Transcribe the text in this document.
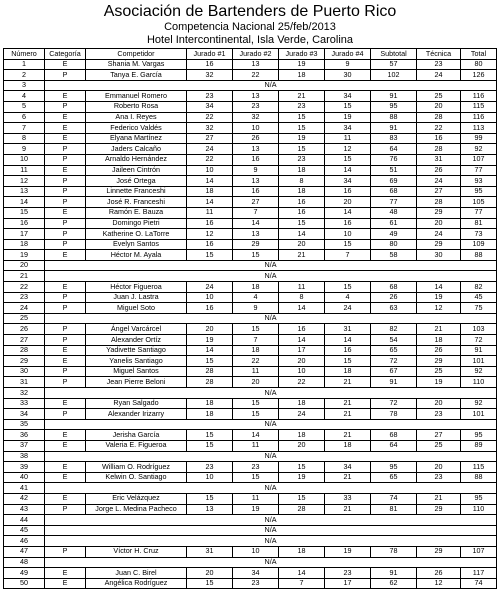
Asociación de Bartenders de Puerto Rico
Competencia Nacional 25/feb/2013
Hotel Intercontinental, Isla Verde, Carolina
Número	Categoría	Competidor	Jurado #1	Jurado #2	Jurado #3	Jurado #4	Subtotal	Técnica	Total
1	E	Shania M. Vargas	16	13	19	9	57	23	80
2	P	Tanya E. García	32	22	18	30	102	24	126
3	N/A								
4	E	Emmanuel Romero	23	13	21	34	91	25	116
5	P	Roberto Rosa	34	23	23	15	95	20	115
6	E	Ana I. Reyes	22	32	15	19	88	28	116
7	E	Federico Valdés	32	10	15	34	91	22	113
8	E	Elyana Martínez	27	26	19	11	83	16	99
9	P	Jaders Calcaño	24	13	15	12	64	28	92
10	P	Arnaldo Hernández	22	16	23	15	76	31	107
11	E	Jaileen Cintrón	10	9	18	14	51	26	77
12	P	José Ortega	14	13	8	34	69	24	93
13	P	Linnette Franceshi	18	16	18	16	68	27	95
14	P	José R. Franceshi	14	27	16	20	77	28	105
15	E	Ramón E. Bauza	11	7	16	14	48	29	77
16	P	Domingo Pietri	16	14	15	16	61	20	81
17	P	Katherine O. LaTorre	12	13	14	10	49	24	73
18	P	Evelyn Santos	16	29	20	15	80	29	109
19	E	Héctor M. Ayala	15	15	21	7	58	30	88
20	N/A								
21	N/A								
22	E	Héctor Figueroa	24	18	11	15	68	14	82
23	P	Juan J. Lastra	10	4	8	4	26	19	45
24	P	Miguel Soto	16	9	14	24	63	12	75
25	N/A								
26	P	Ángel Varcárcel	20	15	16	31	82	21	103
27	P	Alexander Ortíz	19	7	14	14	54	18	72
28	E	Yadivette Santiago	14	18	17	16	65	26	91
29	E	Yanelis Santiago	15	22	20	15	72	29	101
30	P	Miguel Santos	28	11	10	18	67	25	92
31	P	Jean Pierre Beloni	28	20	22	21	91	19	110
32	N/A								
33	E	Ryan Salgado	18	15	18	21	72	20	92
34	P	Alexander Irizarry	18	15	24	21	78	23	101
35	N/A								
36	E	Jerisha García	15	14	18	21	68	27	95
37	E	Valeria E. Figueroa	15	11	20	18	64	25	89
38	N/A								
39	E	William O. Rodríguez	23	23	15	34	95	20	115
40	E	Kelwin O. Santiago	10	15	19	21	65	23	88
41	N/A								
42	E	Eric Velázquez	15	11	15	33	74	21	95
43	P	Jorge L. Medina Pacheco	13	19	28	21	81	29	110
44	N/A								
45	N/A								
46	N/A								
47	P	Víctor H. Cruz	31	10	18	19	78	29	107
48	N/A								
49	E	Juan C. Birel	20	34	14	23	91	26	117
50	E	Angélica Rodríguez	15	23	7	17	62	12	74
